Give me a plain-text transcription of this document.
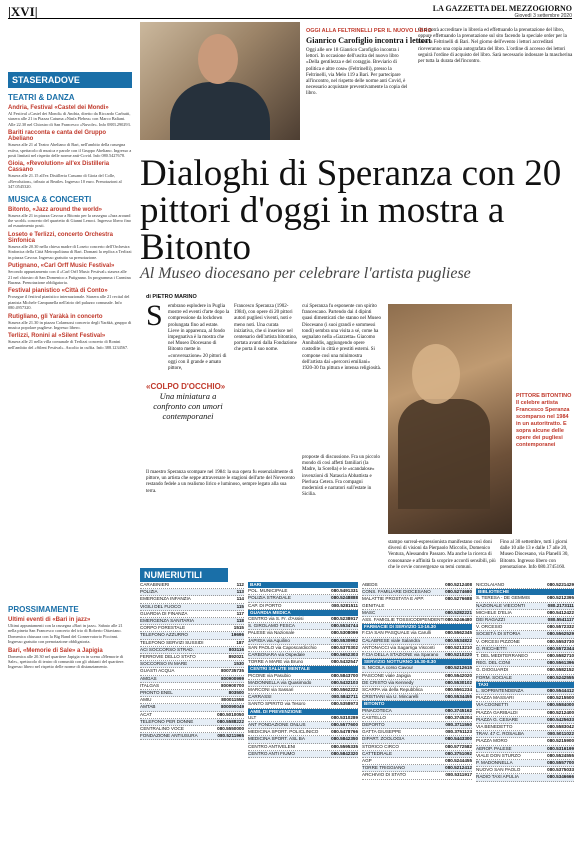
|XVI|	LA GAZZETTA DEL MEZZOGIORNO
Giovedì 3 settembre 2020
STASERADOVE
TEATRI & DANZA
Andria, Festival «Castel dei Mondi»
Al Festival «Castel dei Mondi» di Andria, diretto da Riccardo Carbutti, stasera alle 21 in Piazza Catuma «Ninfa Plebea» con Marco Baliani. Alle 22.30 nel Chiostro di San Francesco «Nuvole». Info 0883.290293.
Bariti racconta e canta del Gruppo Abeliano
Stasera alle 21 al Teatro Abeliano di Bari, nell'ambito della rassegna estiva, spettacolo di musica e parole con il Gruppo Abeliano. Ingresso a posti limitati nel rispetto delle norme anti-Covid. Info 080.5427678.
Gioia, «Revolution» all'ex Distilleria Cassano
Stasera alle 21.15 all'ex Distilleria Cassano di Gioia del Colle, «Revolution», tributo ai Beatles. Ingresso 10 euro. Prenotazioni al 347.0545320.
MUSICA & CONCERTI
Bitonto, «Jazz around the world»
Stasera alle 21 in piazza Cavour a Bitonto per la rassegna «Jazz around the world» concerto del quartetto di Gianni Lenoci. Ingresso libero fino ad esaurimento posti.
Loseto e Terlizzi, concerto Orchestra Sinfonica
Stasera alle 20.30 nella chiesa madre di Loseto concerto dell'Orchestra Sinfonica della Città Metropolitana di Bari. Domani la replica a Terlizzi in piazza Cavour. Ingresso gratuito su prenotazione.
Putignano, «Carl Orff Music Festival»
Secondo appuntamento con il «Carl Orff Music Festival» stasera alle 21 nel chiostro di San Domenico a Putignano. In programma i Carmina Burana. Prenotazione obbligatoria.
Festival pianistico «Città di Conto»
Prosegue il festival pianistico internazionale. Stasera alle 21 recital del pianista Michele Campanella nell'atrio del palazzo comunale. Info 080.4957320.
Rutigliano, gli Yaràkà in concerto
Stasera alle 21.30 in piazza Colamussi concerto degli Yaràkà, gruppo di musica popolare pugliese. Ingresso libero.
Terlizzi, Ronini al «Silent Festival»
Stasera alle 21 nella villa comunale di Terlizzi concerto di Ronini nell'ambito del «Silent Festival». Ascolto in cuffia. Info 388.1234567.
PROSSIMAMENTE
Ultimi eventi di «Bari in jazz»
Ultimi appuntamenti con la rassegna «Bari in jazz». Sabato alle 21 nella pineta San Francesco concerto del trio di Roberto Ottaviano. Domenica chiusura con la Big Band del Conservatorio Piccinni. Ingresso gratuito con prenotazione obbligatoria.
Bari, «Memorie di Sale» a Japigia
Domenica alle 20.30 nel quartiere Japigia va in scena «Memorie di Sale», spettacolo di teatro di comunità con gli abitanti del quartiere. Ingresso libero nel rispetto delle norme di distanziamento.
OGGI ALLA FELTRINELLI PER IL NUOVO LIBRO
Gianrico Carofiglio incontra i lettori
Oggi alle ore 18 Gianrico Carofiglio incontra i lettori. In occasione dell'uscita del nuovo libro «Della gentilezza e del coraggio. Breviario di politica e altre cose» (Feltrinelli), presso la Feltrinelli, via Melo 119 a Bari. Per partecipare all'incontro, nel rispetto delle norme anti Covid, è necessario acquistare preventivamente la copia del libro.
Ci si potrà accreditare in libreria ed effettuando la prenotazione del libro, oppure effettuando la prenotazione sul sito facendo la speciale order per la libreria Feltrinelli di Bari. Nel giorno dell'evento i lettori accreditati riceveranno una copia autografata del libro. L'ordine di accesso dei lettori seguirà l'ordine di acquisto del libro. Sarà necessario indossare la mascherina per tutta la durata dell'incontro.
Dialoghi di Speranza con 20 pittori d'oggi in mostra a Bitonto
Al Museo diocesano per celebrare l'artista pugliese
di PIETRO MARINO
S embrano esplodere in Puglia mostre ed eventi d'arte dopo la compressione da lockdown prolungata fino ad estate. Lieve in apparenza, al fondo impegnativa è la mostra che nel Museo Diocesano di Bitonto mette in «conversazione» 20 pittori di oggi con il grande e amato pittore,
Francesco Speranza (1902-1984), con opere di 20 pittori autori pugliesi viventi, noti e meno noti. Una curata iniziativa, che si inserisce nel centenario dell'artista bitontino, portata avanti dalla Fondazione che porta il suo nome.
«COLPO D'OCCHIO»
Una miniatura a confronto con umori contemporanei
Il maestro Speranza scompare nel 1984: la sua opera fu essenzialmente di pittore, un artista che seppe attraversare le stagioni dell'arte del Novecento restando fedele a un realismo lirico e luminoso, sempre legato alla sua terra.
cui Speranza fu esponente con spirito francescano. Partendo dai 4 dipinti quasi dimenticati che stanno nel Museo Diocesano (i suoi grandi e sommessi tondi) sembra una visita a sé, come ha segnalato nella «Gazzetta» Giacomo Annibaldis, aggiungendo opere custodite in città e prestiti esterni. Si compone così una minimostra dell'artista dai «percorsi emiliani» 1920-30 fra pittura e intensa religiosità.
proposte di discussione. Fra un piccolo mondo di così affetti familiari (la Madre, la Sorella) e le «scandalose» invenzioni di Natascia Abbattista e Pierluca Cetera. Fra compagni modernisti e narratori sull'estate in Sicilia.
PITTORE BITONTINO Il celebre artista Francesco Speranza scomparso nel 1984 in un autoritratto. E sopra alcune delle opere dei pugliesi contemporanei
stampo surreal-espressionista manifestano così doni diversi di visioni da Pierpaolo Miccolis, Domenico Ventura, Alessandro Passaro. Ma anche la ricerca di consonanze e affinità fa scoprire accordi sensibili, più che le ovvie convergenze su temi comuni.
Fino al 30 settembre, tutti i giorni dalle 10 alle 13 e dalle 17 alle 20, Museo Diocesano, via Planelli 30, Bitonto. Ingresso libero con prenotazione. Info 080.3745160.
NUMERIUTILI
CARABINIERI	112
POLIZIA	113
EMERGENZA INFANZIA	114
VIGILI DEL FUOCO	115
GUARDIA DI FINANZA	117
EMERGENZA SANITARIA	118
CORPO FORESTALE	1515
TELEFONO AZZURRO	19696
TELEFONO SERVIZI SUSSIDI	187
ACI SOCCORSO STRAD.	803116
FERROVIE DELLO STATO	892021
SOCCORSO IN MARE	1530
GUASTI ACQUA	800735735
AMGAS	800900999
ITALGAS	800900700
PRONTO ENEL	803500
AMIU	800011558
AMTAB	800090049
ACAT	080.5010050
TELEFONO PER DONNE	080.5588222
CENTRALINO VOCE	080.5550000
FONDAZIONE ANTIUSURA	080.5211965
BARI
POL. MUNICIPALE	080.5491331
POLIZIA STRADALE	080.5248888
CAP. DI PORTO	080.5281511
GUARDIA MEDICA
CENTRO via S. Fr. d'Assisi	080.5238917
S. GIROLAMO FESCA	080.5534744
PALESE via Nazionale	080.5308099
JAPIGIA via Aquilino	080.5530992
SAN PAOLO via Caposcardicchio	080.5370302
CARBONARA via Ospedale	080.5652303
TORRE A MARE via Bruno	080.5432547
CENTRI SALUTE MENTALE
PICONE via Pasubio	080.5843700
MADONNELLA via Quasimodo	080.5432103
MARCONI via Sassari	080.5562222
CARRASSI	080.5842711
SANTO SPIRITO via Tesoro	080.5358973
AMB. DI PREVENZIONE
ULT	080.5310289
ANT FONDAZIONE ONLUS	080.5577600
MEDICINA SPORT. POLICLINICO	080.5478766
MEDICINA SPORT. ASL BA	080.5842350
CENTRO ANTIVELENI	080.5595335
CENTRO ANTI FIUMO	080.5842320
ABEDS	080.5212408
CONS. FAMILIARE DIOCESANO	080.5274680
MALATTIE PROSTATA E APP. GENITALE
080.5276688
MASC	080.5282221
ASS. FAMIGLIE TOSSICODIPENDENTI 080.5246480
FARMACIE DI SERVIZIO 13-16.30
F.CIA SAN PASQUALE via Carulli	080.5562345
CALABRESE viale Salandra	080.5534822
ANTONACCI via Sagarriga Visconti 080.5213210
F.CIA DELLA STAZIONE via Sparano 080.5210220
SERVIZIO NOTTURNO 16.30-8.30
S. NICOLA corso Cavour	080.5212615
PASCONE viale Japigia	080.5542020
DE CRISTO via Kennedy	080.5530102
SCARPA via della Repubblica	080.5561234
CRISTIANI via U. Mincarelli	080.5534455
BITONTO
PINACOTECA	080.3745162
CASTELLO	080.3745204
DEPORTO	080.3711550
GATTA GIUSEPPE	080.3751123
DIPART. ZOOLOGIA	080.5443300
STORICO CIRCO	080.5772582
CATTEDRALE	080.3751092
AGP	080.5244455
TORRE TRIGGIANO	080.5212412
ARCHIVIO DI STATO	080.5311917
NICOLAIANO	080.5221429
BIBLIOTECHE
S. TERESA - DE GEMMIS	080.5212395
NAZIONALE VIECONTI	080.2173111
MICHELE D'ELIA	080.5412422
DEI RAGAZZI	080.5541117
V. ORCESIO	080.5572332
SOCIETÀ DI STORIA	080.5562529
V. ORCESI PIZZONE	080.5553730
G. RICCHETTI	080.5572344
T. DEL MEDITERRANEO	080.5582710
REG. DEL CONI	080.5561396
G. DIOGUARDI	080.5582152
FORM. SOCIALE	080.5242555
TAXI
L. SOPRINTENDENZA	080.5544412
PIAZZA MASSARI	080.5215500
VIA COGNETTI	080.5584000
PIAZZA GARIBALDI	080.5212400
PIAZZA G. CESARE	080.5425633
VIA BENEDETTO	080.5583042
TRAV. 47 C. ROSALBA	080.5011022
PIAZZA MORO	080.5215900
AEROP. PALESE	080.5316199
VIALE DON STURZO	080.5524555
P. MADONNELLA	080.5557700
NUOVO SAN PAOLO	080.5375033
RADIO TAXI APULIA	080.5346666
